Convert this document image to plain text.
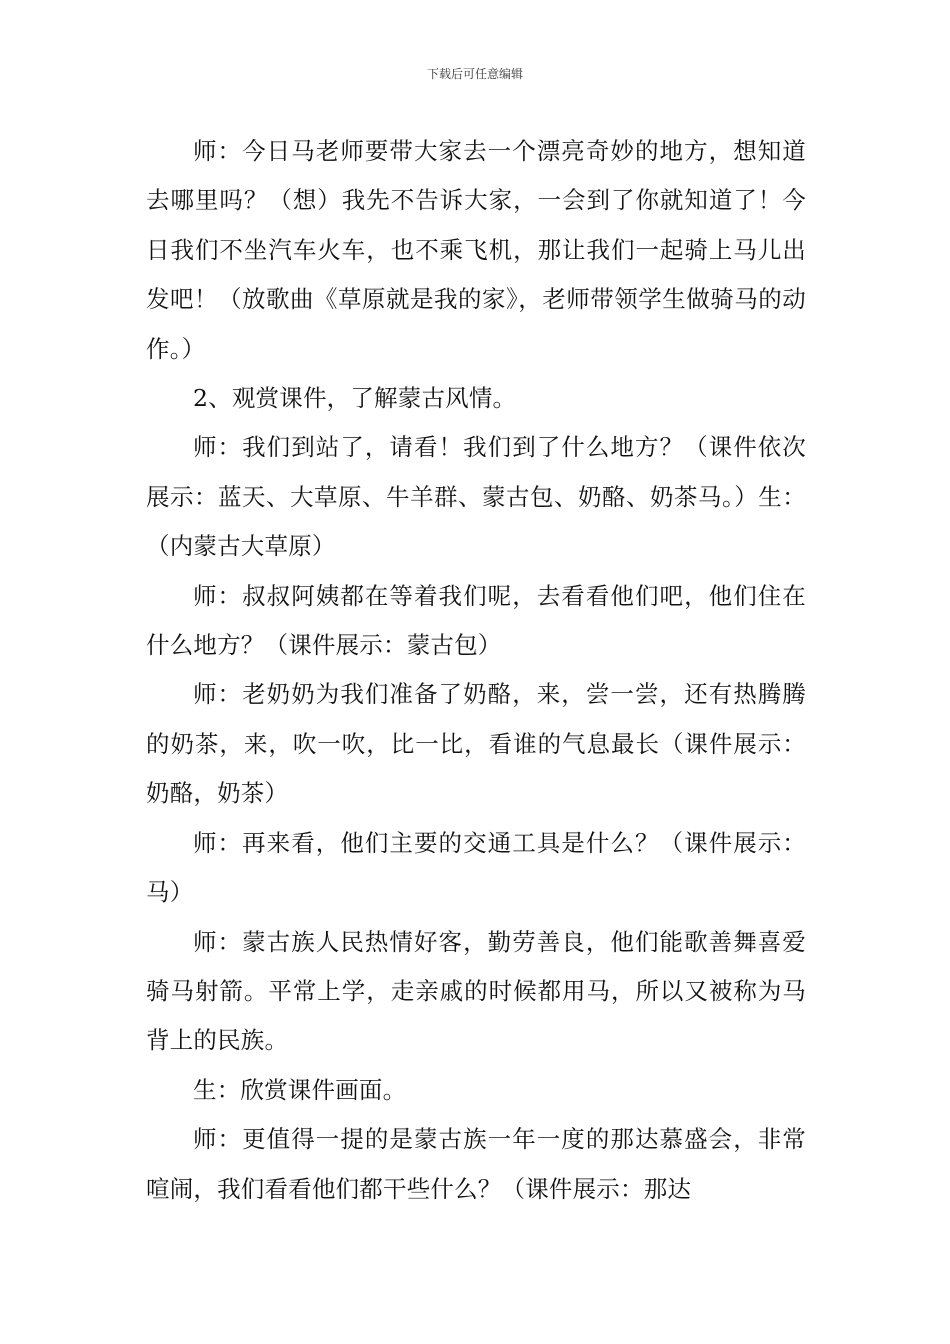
下载后可任意编辑

师：今日马老师要带大家去一个漂亮奇妙的地方，想知道去哪里吗？（想）我先不告诉大家，一会到了你就知道了！今日我们不坐汽车火车，也不乘飞机，那让我们一起骑上马儿出发吧！（放歌曲《草原就是我的家》，老师带领学生做骑马的动作。）

2、观赏课件，了解蒙古风情。

师：我们到站了，请看！我们到了什么地方？（课件依次展示：蓝天、大草原、牛羊群、蒙古包、奶酪、奶茶马。）生：（内蒙古大草原）

师：叔叔阿姨都在等着我们呢，去看看他们吧，他们住在什么地方？（课件展示：蒙古包）

师：老奶奶为我们准备了奶酪，来，尝一尝，还有热腾腾的奶茶，来，吹一吹，比一比，看谁的气息最长（课件展示：奶酪，奶茶）

师：再来看，他们主要的交通工具是什么？（课件展示：马）

师：蒙古族人民热情好客，勤劳善良，他们能歌善舞喜爱骑马射箭。平常上学，走亲戚的时候都用马，所以又被称为马背上的民族。

生：欣赏课件画面。

师：更值得一提的是蒙古族一年一度的那达慕盛会，非常喧闹，我们看看他们都干些什么？（课件展示：那达
